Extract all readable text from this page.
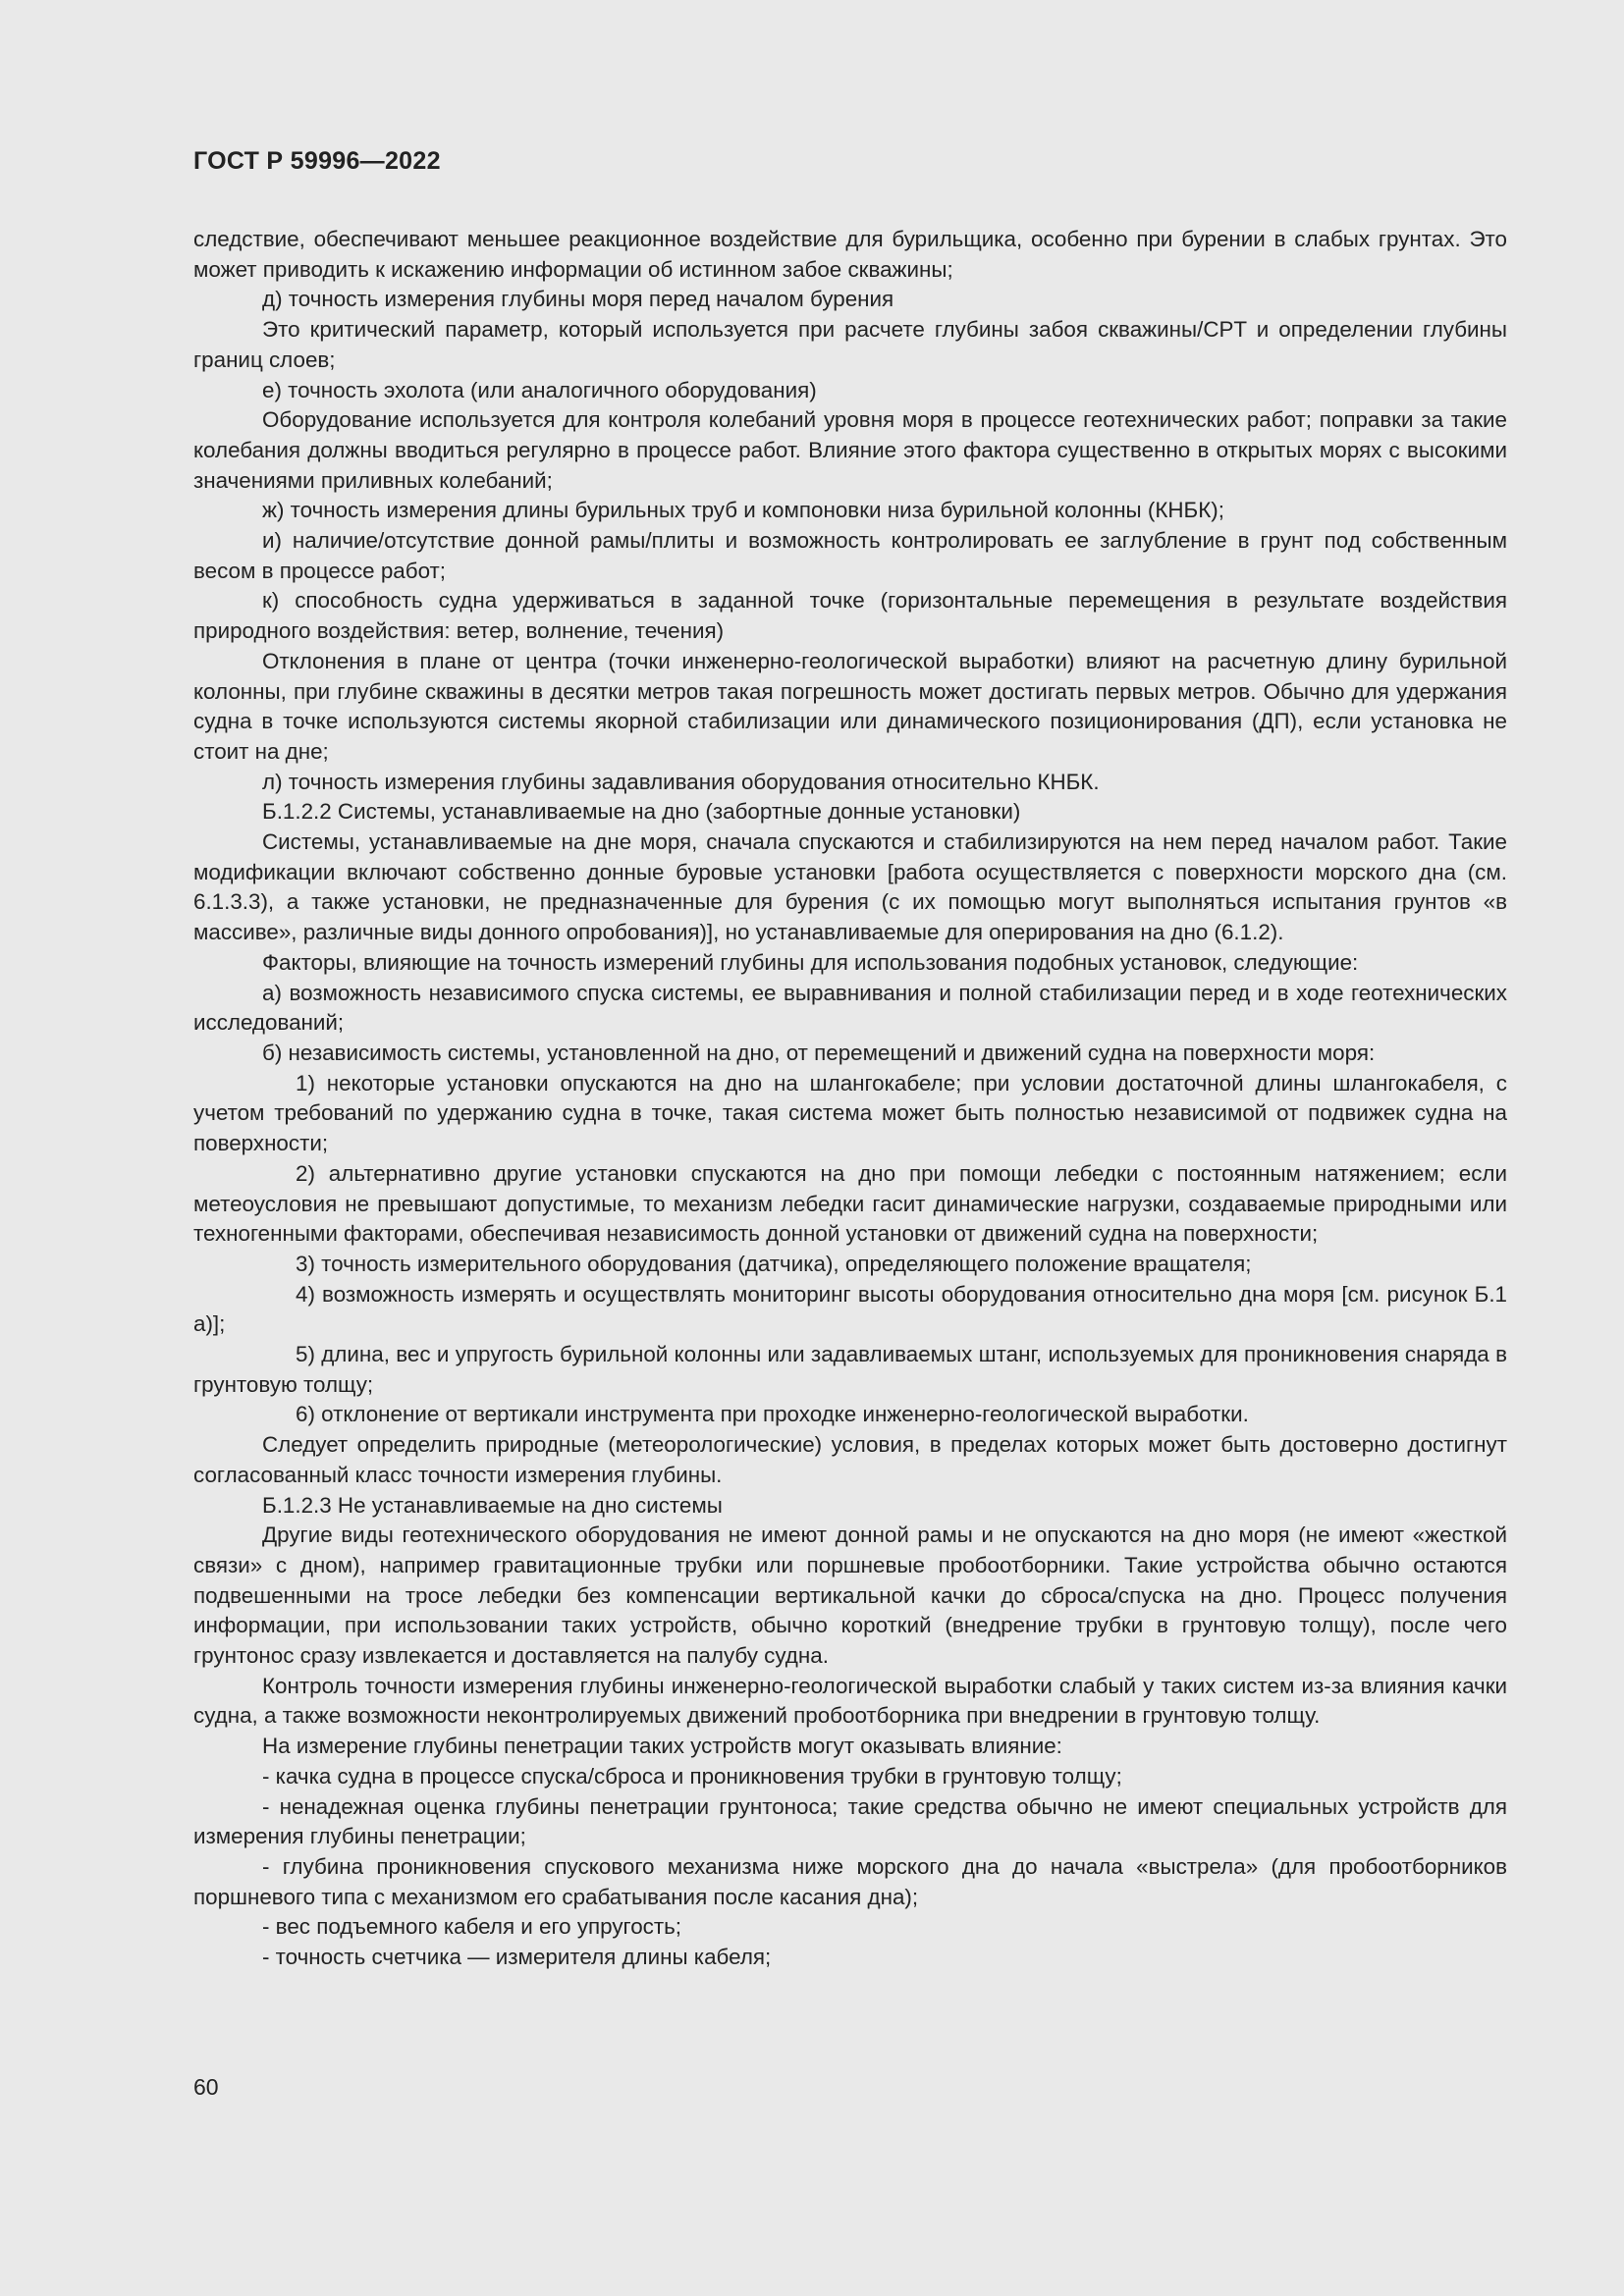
ГОСТ Р 59996—2022

следствие, обеспечивают меньшее реакционное воздействие для бурильщика, особенно при бурении в слабых грунтах. Это может приводить к искажению информации об истинном забое скважины;

д) точность измерения глубины моря перед началом бурения

Это критический параметр, который используется при расчете глубины забоя скважины/CPT и определении глубины границ слоев;

е) точность эхолота (или аналогичного оборудования)

Оборудование используется для контроля колебаний уровня моря в процессе геотехнических работ; поправки за такие колебания должны вводиться регулярно в процессе работ. Влияние этого фактора существенно в открытых морях с высокими значениями приливных колебаний;

ж) точность измерения длины бурильных труб и компоновки низа бурильной колонны (КНБК);

и) наличие/отсутствие донной рамы/плиты и возможность контролировать ее заглубление в грунт под собственным весом в процессе работ;

к) способность судна удерживаться в заданной точке (горизонтальные перемещения в результате воздействия природного воздействия: ветер, волнение, течения)

Отклонения в плане от центра (точки инженерно-геологической выработки) влияют на расчетную длину бурильной колонны, при глубине скважины в десятки метров такая погрешность может достигать первых метров. Обычно для удержания судна в точке используются системы якорной стабилизации или динамического позиционирования (ДП), если установка не стоит на дне;

л) точность измерения глубины задавливания оборудования относительно КНБК.

Б.1.2.2 Системы, устанавливаемые на дно (забортные донные установки)

Системы, устанавливаемые на дне моря, сначала спускаются и стабилизируются на нем перед началом работ. Такие модификации включают собственно донные буровые установки [работа осуществляется с поверхности морского дна (см. 6.1.3.3), а также установки, не предназначенные для бурения (с их помощью могут выполняться испытания грунтов «в массиве», различные виды донного опробования)], но устанавливаемые для оперирования на дно (6.1.2).

Факторы, влияющие на точность измерений глубины для использования подобных установок, следующие:

а) возможность независимого спуска системы, ее выравнивания и полной стабилизации перед и в ходе геотехнических исследований;

б) независимость системы, установленной на дно, от перемещений и движений судна на поверхности моря:

1) некоторые установки опускаются на дно на шлангокабеле; при условии достаточной длины шлангокабеля, с учетом требований по удержанию судна в точке, такая система может быть полностью независимой от подвижек судна на поверхности;

2) альтернативно другие установки спускаются на дно при помощи лебедки с постоянным натяжением; если метеоусловия не превышают допустимые, то механизм лебедки гасит динамические нагрузки, создаваемые природными или техногенными факторами, обеспечивая независимость донной установки от движений судна на поверхности;

3) точность измерительного оборудования (датчика), определяющего положение вращателя;

4) возможность измерять и осуществлять мониторинг высоты оборудования относительно дна моря [см. рисунок Б.1 а)];

5) длина, вес и упругость бурильной колонны или задавливаемых штанг, используемых для проникновения снаряда в грунтовую толщу;

6) отклонение от вертикали инструмента при проходке инженерно-геологической выработки.

Следует определить природные (метеорологические) условия, в пределах которых может быть достоверно достигнут согласованный класс точности измерения глубины.

Б.1.2.3 Не устанавливаемые на дно системы

Другие виды геотехнического оборудования не имеют донной рамы и не опускаются на дно моря (не имеют «жесткой связи» с дном), например гравитационные трубки или поршневые пробоотборники. Такие устройства обычно остаются подвешенными на тросе лебедки без компенсации вертикальной качки до сброса/спуска на дно. Процесс получения информации, при использовании таких устройств, обычно короткий (внедрение трубки в грунтовую толщу), после чего грунтонос сразу извлекается и доставляется на палубу судна.

Контроль точности измерения глубины инженерно-геологической выработки слабый у таких систем из-за влияния качки судна, а также возможности неконтролируемых движений пробоотборника при внедрении в грунтовую толщу.

На измерение глубины пенетрации таких устройств могут оказывать влияние:

- качка судна в процессе спуска/сброса и проникновения трубки в грунтовую толщу;

- ненадежная оценка глубины пенетрации грунтоноса; такие средства обычно не имеют специальных устройств для измерения глубины пенетрации;

- глубина проникновения спускового механизма ниже морского дна до начала «выстрела» (для пробоотборников поршневого типа с механизмом его срабатывания после касания дна);

- вес подъемного кабеля и его упругость;

- точность счетчика — измерителя длины кабеля;

60
